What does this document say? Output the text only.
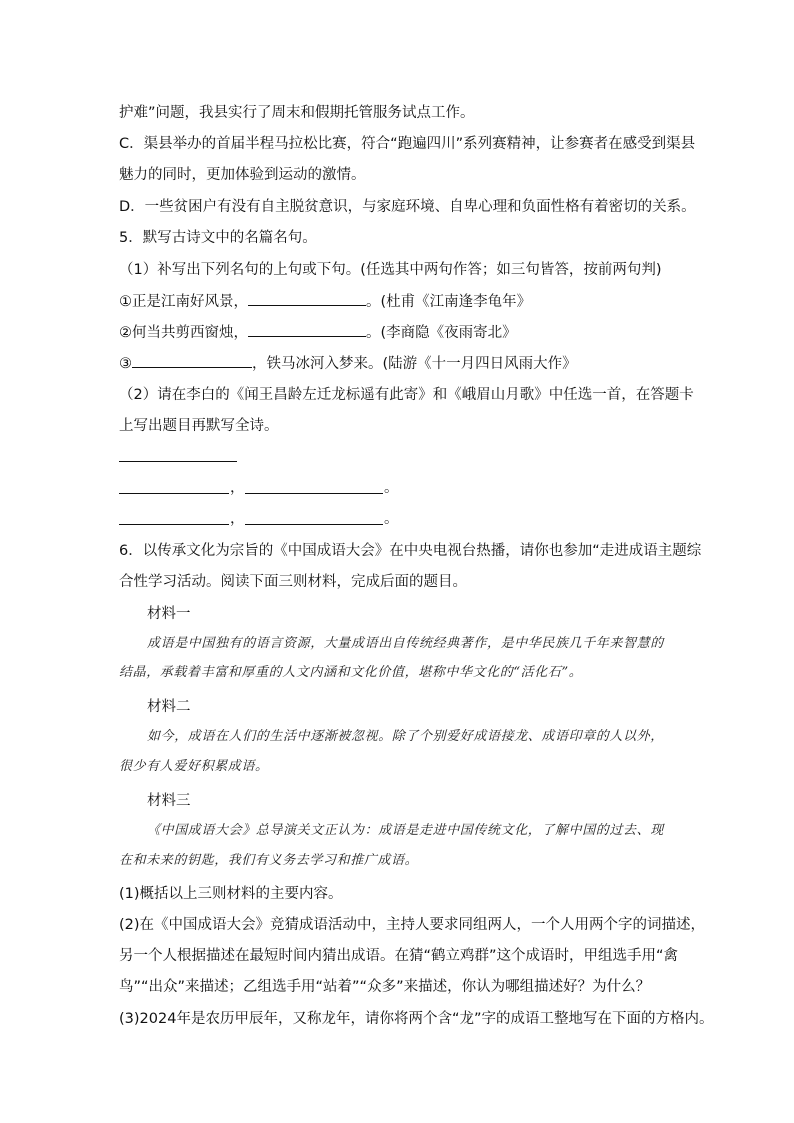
护难”问题，我县实行了周末和假期托管服务试点工作。
C．渠县举办的首届半程马拉松比赛，符合“跑遍四川”系列赛精神，让参赛者在感受到渠县
魅力的同时，更加体验到运动的激情。
D．一些贫困户有没有自主脱贫意识，与家庭环境、自卑心理和负面性格有着密切的关系。
5．默写古诗文中的名篇名句。
（1）补写出下列名句的上句或下句。(任选其中两句作答；如三句皆答，按前两句判)
①正是江南好风景，	。(杜甫《江南逢李龟年》
②何当共剪西窗烛，	。(李商隐《夜雨寄北》
③	，铁马冰河入梦来。(陆游《十一月四日风雨大作》
（2）请在李白的《闻王昌龄左迁龙标遥有此寄》和《峨眉山月歌》中任选一首，在答题卡
上写出题目再默写全诗。
，	。
，	。
6．以传承文化为宗旨的《中国成语大会》在中央电视台热播，请你也参加“走进成语主题综
合性学习活动。阅读下面三则材料，完成后面的题目。
材料一
成语是中国独有的语言资源，大量成语出自传统经典著作，是中华民族几千年来智慧的
结晶，承载着丰富和厚重的人文内涵和文化价值，堪称中华文化的“活化石”。
材料二
如今，成语在人们的生活中逐渐被忽视。除了个别爱好成语接龙、成语印章的人以外，
很少有人爱好积累成语。
材料三
《中国成语大会》总导演关文正认为：成语是走进中国传统文化，了解中国的过去、现
在和未来的钥匙，我们有义务去学习和推广成语。
(1)概括以上三则材料的主要内容。
(2)在《中国成语大会》竞猜成语活动中，主持人要求同组两人，一个人用两个字的词描述，
另一个人根据描述在最短时间内猜出成语。在猜“鹤立鸡群”这个成语时，甲组选手用“禽
鸟”“出众”来描述；乙组选手用“站着”“众多”来描述，你认为哪组描述好？为什么？
(3)2024年是农历甲辰年，又称龙年，请你将两个含“龙”字的成语工整地写在下面的方格内。
